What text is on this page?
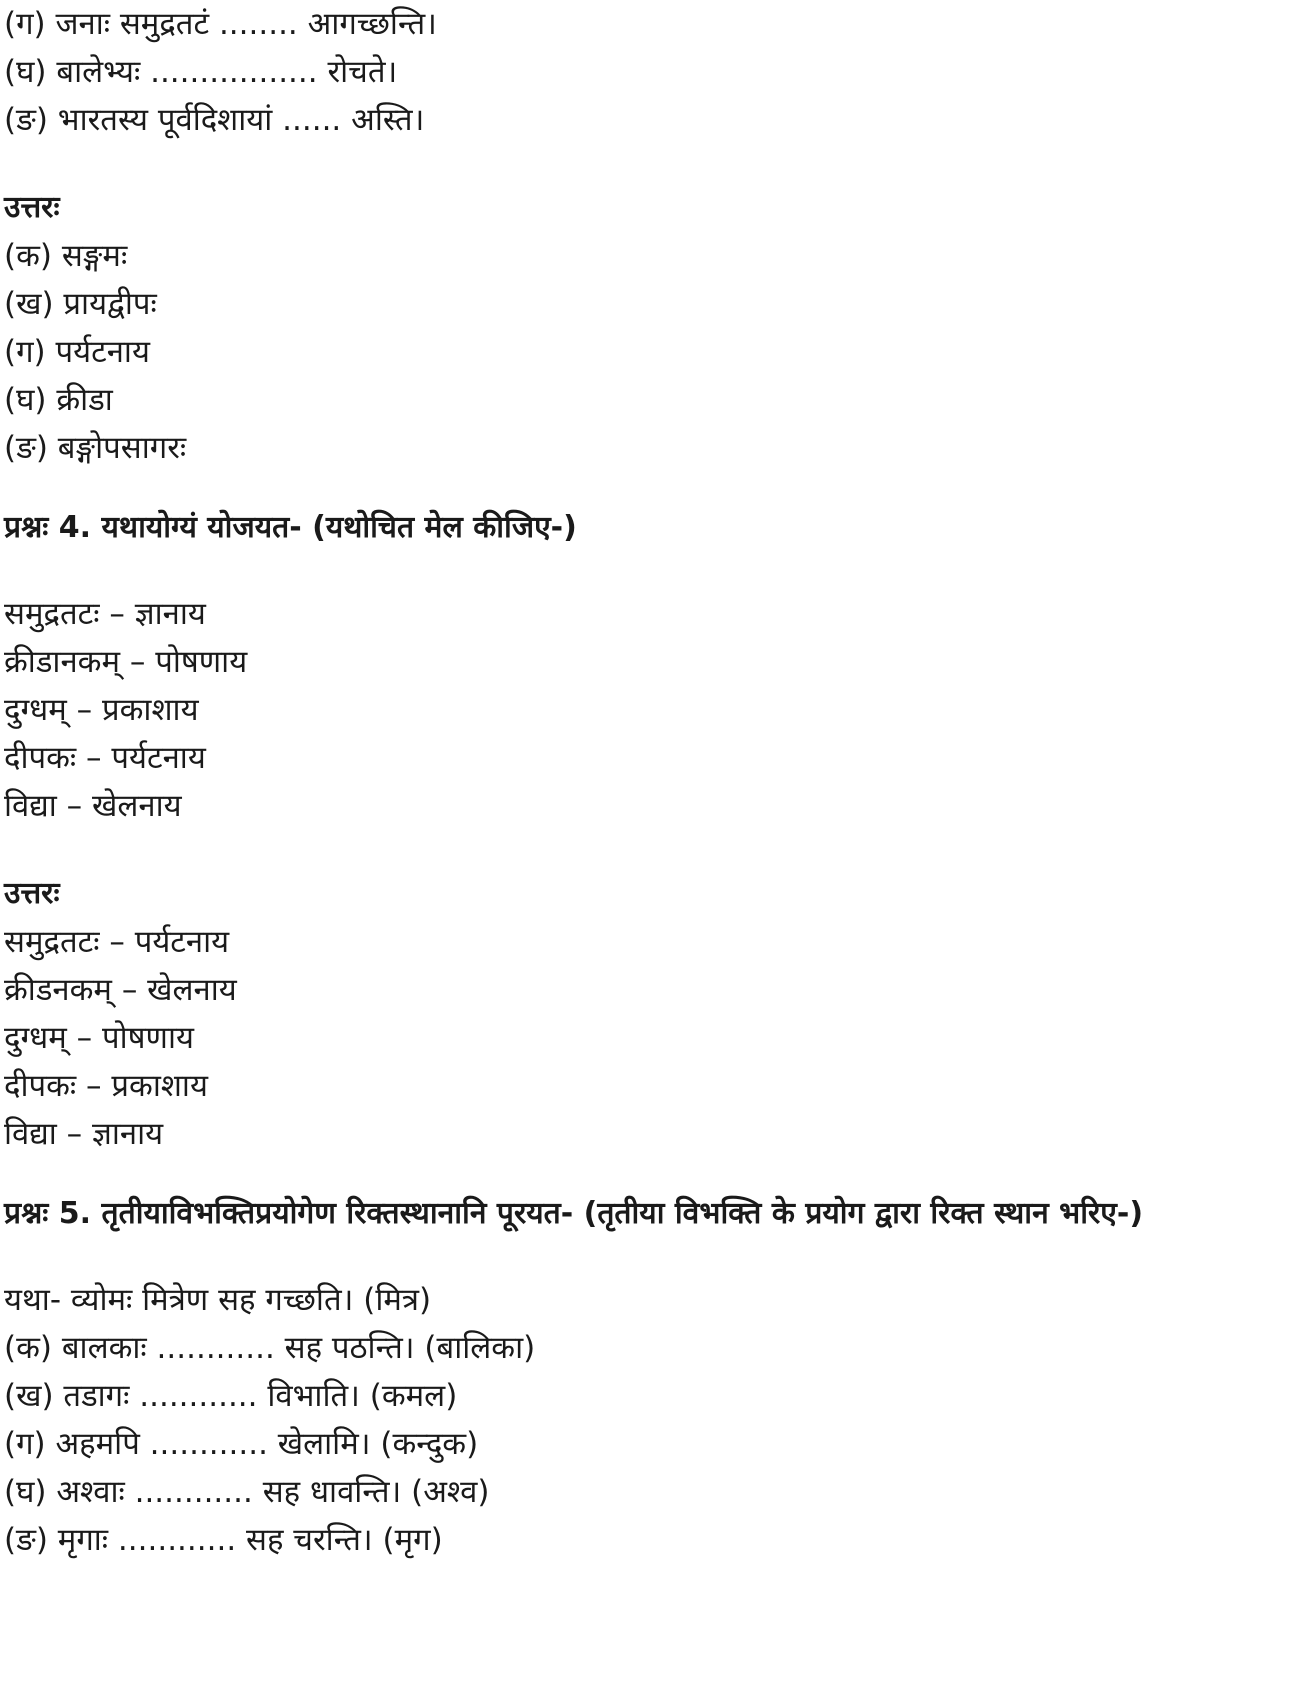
(ग) जनाः समुद्रतटं ........ आगच्छन्ति।

(घ) बालेभ्यः ................. रोचते।

(ङ) भारतस्य पूर्वदिशायां ...... अस्ति।

उत्तरः

(क) सङ्गमः

(ख) प्रायद्वीपः

(ग) पर्यटनाय

(घ) क्रीडा

(ङ) बङ्गोपसागरः

प्रश्नः 4. यथायोग्यं योजयत- (यथोचित मेल कीजिए-)

समुद्रतटः – ज्ञानाय

क्रीडानकम् – पोषणाय

दुग्धम् – प्रकाशाय

दीपकः – पर्यटनाय

विद्या – खेलनाय

उत्तरः

समुद्रतटः – पर्यटनाय

क्रीडनकम् – खेलनाय

दुग्धम् – पोषणाय

दीपकः – प्रकाशाय

विद्या – ज्ञानाय

प्रश्नः 5. तृतीयाविभक्तिप्रयोगेण रिक्तस्थानानि पूरयत- (तृतीया विभक्ति के प्रयोग द्वारा रिक्त स्थान भरिए-)

यथा- व्योमः मित्रेण सह गच्छति। (मित्र)

(क) बालकाः ............ सह पठन्ति। (बालिका)

(ख) तडागः ............ विभाति। (कमल)

(ग) अहमपि ............ खेलामि। (कन्दुक)

(घ) अश्वाः ............ सह धावन्ति। (अश्व)

(ङ) मृगाः ............ सह चरन्ति। (मृग)
